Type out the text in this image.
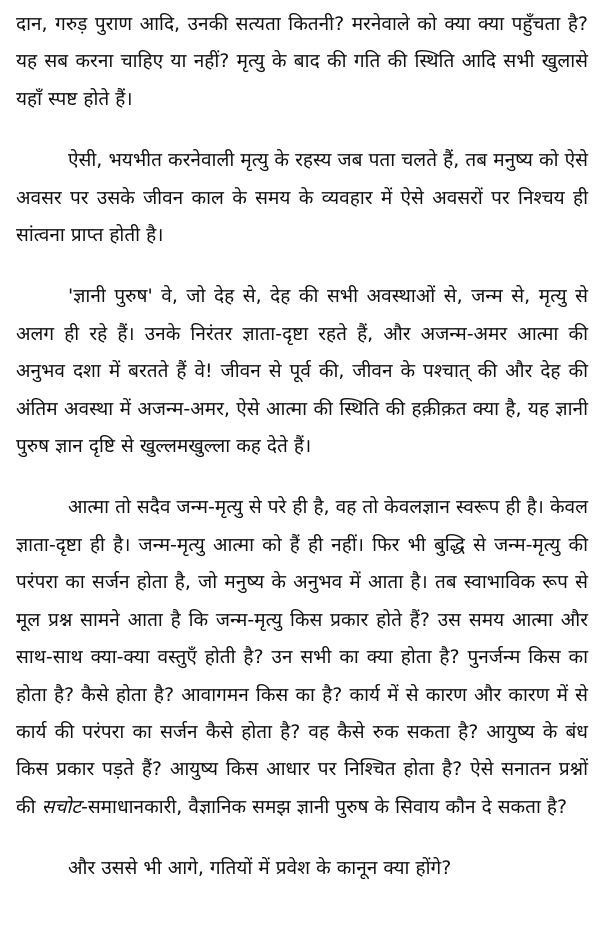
दान, गरुड़ पुराण आदि, उनकी सत्यता कितनी? मरनेवाले को क्या क्या पहुँचता है? यह सब करना चाहिए या नहीं? मृत्यु के बाद की गति की स्थिति आदि सभी खुलासे यहाँ स्पष्ट होते हैं।

ऐसी, भयभीत करनेवाली मृत्यु के रहस्य जब पता चलते हैं, तब मनुष्य को ऐसे अवसर पर उसके जीवन काल के समय के व्यवहार में ऐसे अवसरों पर निश्चय ही सांत्वना प्राप्त होती है।

'ज्ञानी पुरुष' वे, जो देह से, देह की सभी अवस्थाओं से, जन्म से, मृत्यु से अलग ही रहे हैं। उनके निरंतर ज्ञाता-दृष्टा रहते हैं, और अजन्म-अमर आत्मा की अनुभव दशा में बरतते हैं वे! जीवन से पूर्व की, जीवन के पश्चात् की और देह की अंतिम अवस्था में अजन्म-अमर, ऐसे आत्मा की स्थिति की हक़ीक़त क्या है, यह ज्ञानी पुरुष ज्ञान दृष्टि से खुल्लमखुल्ला कह देते हैं।

आत्मा तो सदैव जन्म-मृत्यु से परे ही है, वह तो केवलज्ञान स्वरूप ही है। केवल ज्ञाता-दृष्टा ही है। जन्म-मृत्यु आत्मा को हैं ही नहीं। फिर भी बुद्धि से जन्म-मृत्यु की परंपरा का सर्जन होता है, जो मनुष्य के अनुभव में आता है। तब स्वाभाविक रूप से मूल प्रश्न सामने आता है कि जन्म-मृत्यु किस प्रकार होते हैं? उस समय आत्मा और साथ-साथ क्या-क्या वस्तुएँ होती है? उन सभी का क्या होता है? पुनर्जन्म किस का होता है? कैसे होता है? आवागमन किस का है? कार्य में से कारण और कारण में से कार्य की परंपरा का सर्जन कैसे होता है? वह कैसे रुक सकता है? आयुष्य के बंध किस प्रकार पड़ते हैं? आयुष्य किस आधार पर निश्चित होता है? ऐसे सनातन प्रश्नों की सचोट-समाधानकारी, वैज्ञानिक समझ ज्ञानी पुरुष के सिवाय कौन दे सकता है?

और उससे भी आगे, गतियों में प्रवेश के कानून क्या होंगे?
